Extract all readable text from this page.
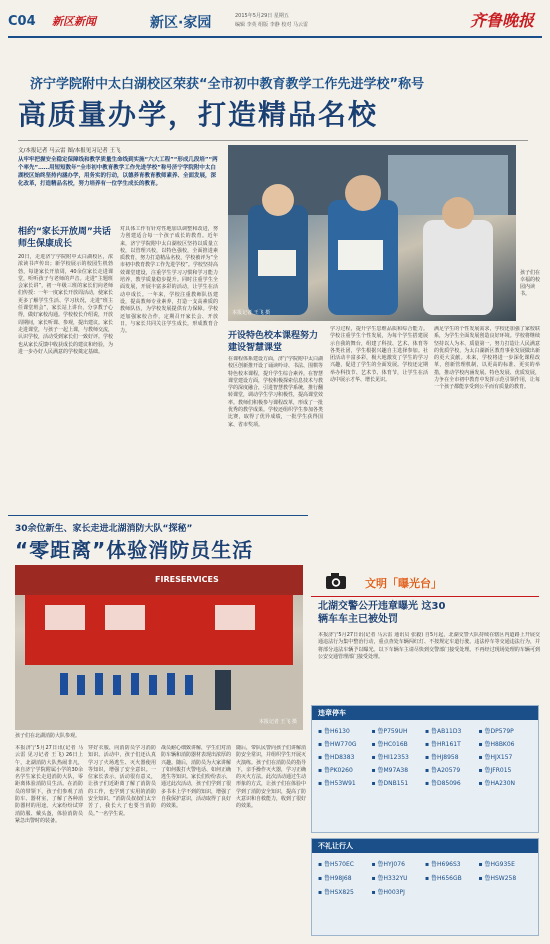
C04 新区新闻	新区·家园	2015年5月29日 星期五
编辑 李英 组版 李静 校对 马云雷	齐鲁晚报
济宁学院附中太白湖校区荣获“全市初中教育教学工作先进学校”称号
高质量办学，打造精品名校
文/本报记者 马云雷 图/本报见习记者 王飞
从牢牢把握安全稳定保障线和教学质量生命线到实施“六大工程”“形成几段培”“两个率先”……用短短数年“全市初中教育教学工作先进学校”称号济宁学院附中太白湖校区始终坚持内涵办学，用务实的行动，以德养育教育教师素养、全面发展，深化改革，打造精品名校，努力培养有一位学生成长的教育。
相约“家长开放周”共话师生保康成长
20日，走进济宁学院附中太白湖校区，浓浓读书声传出；新学校展示的校园生机勃勃，每逢家长开放周，40余位家长走进课堂，听听孩子与老师的声音。走进“主题班会家长讲”，初一年级三班的家长们向老师们传授：一年一度家长开放周活动，使家长更多了解学生生活、学习状况，走进“班主任课堂班会”，家长站上讲台，分享教子心得，做好家校沟通。学校校长介绍说，开放周期间，家长听课、参观，提出建议。家长走进课堂，与孩子一起上课，与教师交流，认识学校，活动受到家长们一致好评。学校也从家长反馈中收获成长的建议和经验，为进一步办好人民满意的学校奠定基础。
对具体工作有针对性地加以调整和改进，努力创建适合每一个孩子成长的教育。近年来，济宁学院附中太白湖校区坚持以质量立校，以管理兴校，以特色强校，全面推进素质教育，努力打造精品名校，学校被评为“全市初中教育教学工作先进学校”。学校坚持高效课堂建设，注重学生学习习惯和学习能力培养，教学质量稳步提升。同时注重学生全面发展，开展丰富多彩的活动，让学生在活动中成长。一年来，学校注重教师队伍建设，提高教师专业素养，打造一支高素质的教师队伍，为学校发展提供有力保障。学校还加强家校合作，定期召开家长会、开放日，与家长共同关注学生成长，形成教育合力。
本报记者 王飞 摄
孩子们在幸福的校园内读书。
开设特色校本课程努力建设智慧课堂
在课程体系建设方面，济宁学院附中太白湖校区创新推开设了诵读吟诗、书法、围棋等特色校本课程，提升学生综合素养。在智慧课堂建设方面，学校积极探索信息技术与教学的深度融合，引进智慧教学系统，推行翻转课堂，调动学生学习积极性，提高课堂效率。教师们积极参与课程改革，形成了一批优秀的教学成果。学校还组织学生参加各类比赛，取得了优异成绩，一批学生获得国家、省市奖项。
学习过程，提升学生思维品质和综合能力。学校注重学生个性发展，为每个学生搭建展示自我的舞台，组建了科技、艺术、体育等各类社团，学生根据兴趣自主选择参加。社团活动丰富多彩，极大地激发了学生的学习兴趣，促进了学生的全面发展。学校还定期举办科技节、艺术节、体育节，让学生在活动中展示才华、增长见识。
满足学生的个性发展需求，学校还加强了家校联系，为学生全面发展创造良好环境。学校将继续坚持以人为本、质量第一，努力打造让人民满意的优质学校，为太白湖新区教育事业发展做出新的更大贡献。未来，学校将进一步深化课程改革，创新管理机制，以更高的标准、更实的举措，推动学校内涵发展、特色发展、优质发展，力争在全市初中教育中发挥示范引领作用，让每一个孩子都能享受到公平而有质量的教育。
文明「曝光台」
北湖交警公开违章曝光 这30辆车车主已被处罚
本报济宁5月27日讯(记者 马云雷 通讯员 张毅) 自5月起，北湖交警大队持续在辖区内道路上开展交通违法行为集中整治行动，重点查处车辆闯红灯、不按规定车道行驶、违法停车等交通违法行为，并将部分违法车辆予以曝光。以下车辆车主请尽快到交警部门接受处理。不再经过现场处理的车辆可到公安交通管理部门接受处理。
违章停车
▪ 鲁H6130	▪ 鲁P759UH	▪ 鲁AB11D3	▪ 鲁DP579P
▪ 鲁HW770G	▪ 鲁HC016B	▪ 鲁HR161T	▪ 鲁H8BK06
▪ 鲁HD8383	▪ 鲁HI12353	▪ 鲁HJ8958	▪ 鲁HJX157
▪ 鲁PK0260	▪ 鲁M97A38	▪ 鲁A20579	▪ 鲁JFR015
▪ 鲁H53W91	▪ 鲁DNB151	▪ 鲁D85096	▪ 鲁HA230N
不礼让行人
▪ 鲁H570EC	▪ 鲁HYJ076	▪ 鲁H696S3	▪ 鲁HG935E
▪ 鲁H98J68	▪ 鲁H332YU	▪ 鲁H656GB	▪ 鲁HSW258
▪ 鲁HSX825	▪ 鲁H003PJ
30余位新生、家长走进北湖消防大队“探秘”
“零距离”体验消防员生活
FIRESERVICES
本报记者 王飞 摄
孩子们在北湖消防大队参观。
本报济宁5月27日讯(记者 马云雷 见习记者 王飞) 26日上午，北湖消防大队热闹非凡，来自济宁学院附属小学的30余名学生家长走进消防大队，零距离体验消防员生活。在消防员的带领下，孩子们参观了消防车、器材室，了解了各种消防器材的用途。大家纷纷试穿消防服、戴头盔，体验消防员紧急出警时的装备。
穿好衣服，向消防员学习消防知识。活动中，孩子们还认真学习了火场逃生、灭火器使用等知识，增强了安全意识。一位家长表示，活动很有意义，让孩子们近距离了解了消防员的工作，也学到了实用的消防安全知识。“消防员叔叔们太辛苦了，我长大了也要当消防员。”一名学生说。
战员耐心细致讲解，学生们对消防车辆和消防器材表现出浓厚的兴趣。随后，消防员为大家讲解了如何拨打火警电话、如何正确逃生等知识。家长们纷纷表示，通过此次活动，孩子们学到了很多书本上学不到的知识，增强了自我保护意识，活动取得了良好的效果。
随后，带队民警向孩子们讲解消防安全常识，并组织学生开展灭火演练。孩子们在消防员的指导下，亲手操作灭火器，学习正确的灭火方法。此次活动通过生动形象的方式，让孩子们在体验中学到了消防安全知识，提高了防火意识和自救能力，收到了很好的效果。
